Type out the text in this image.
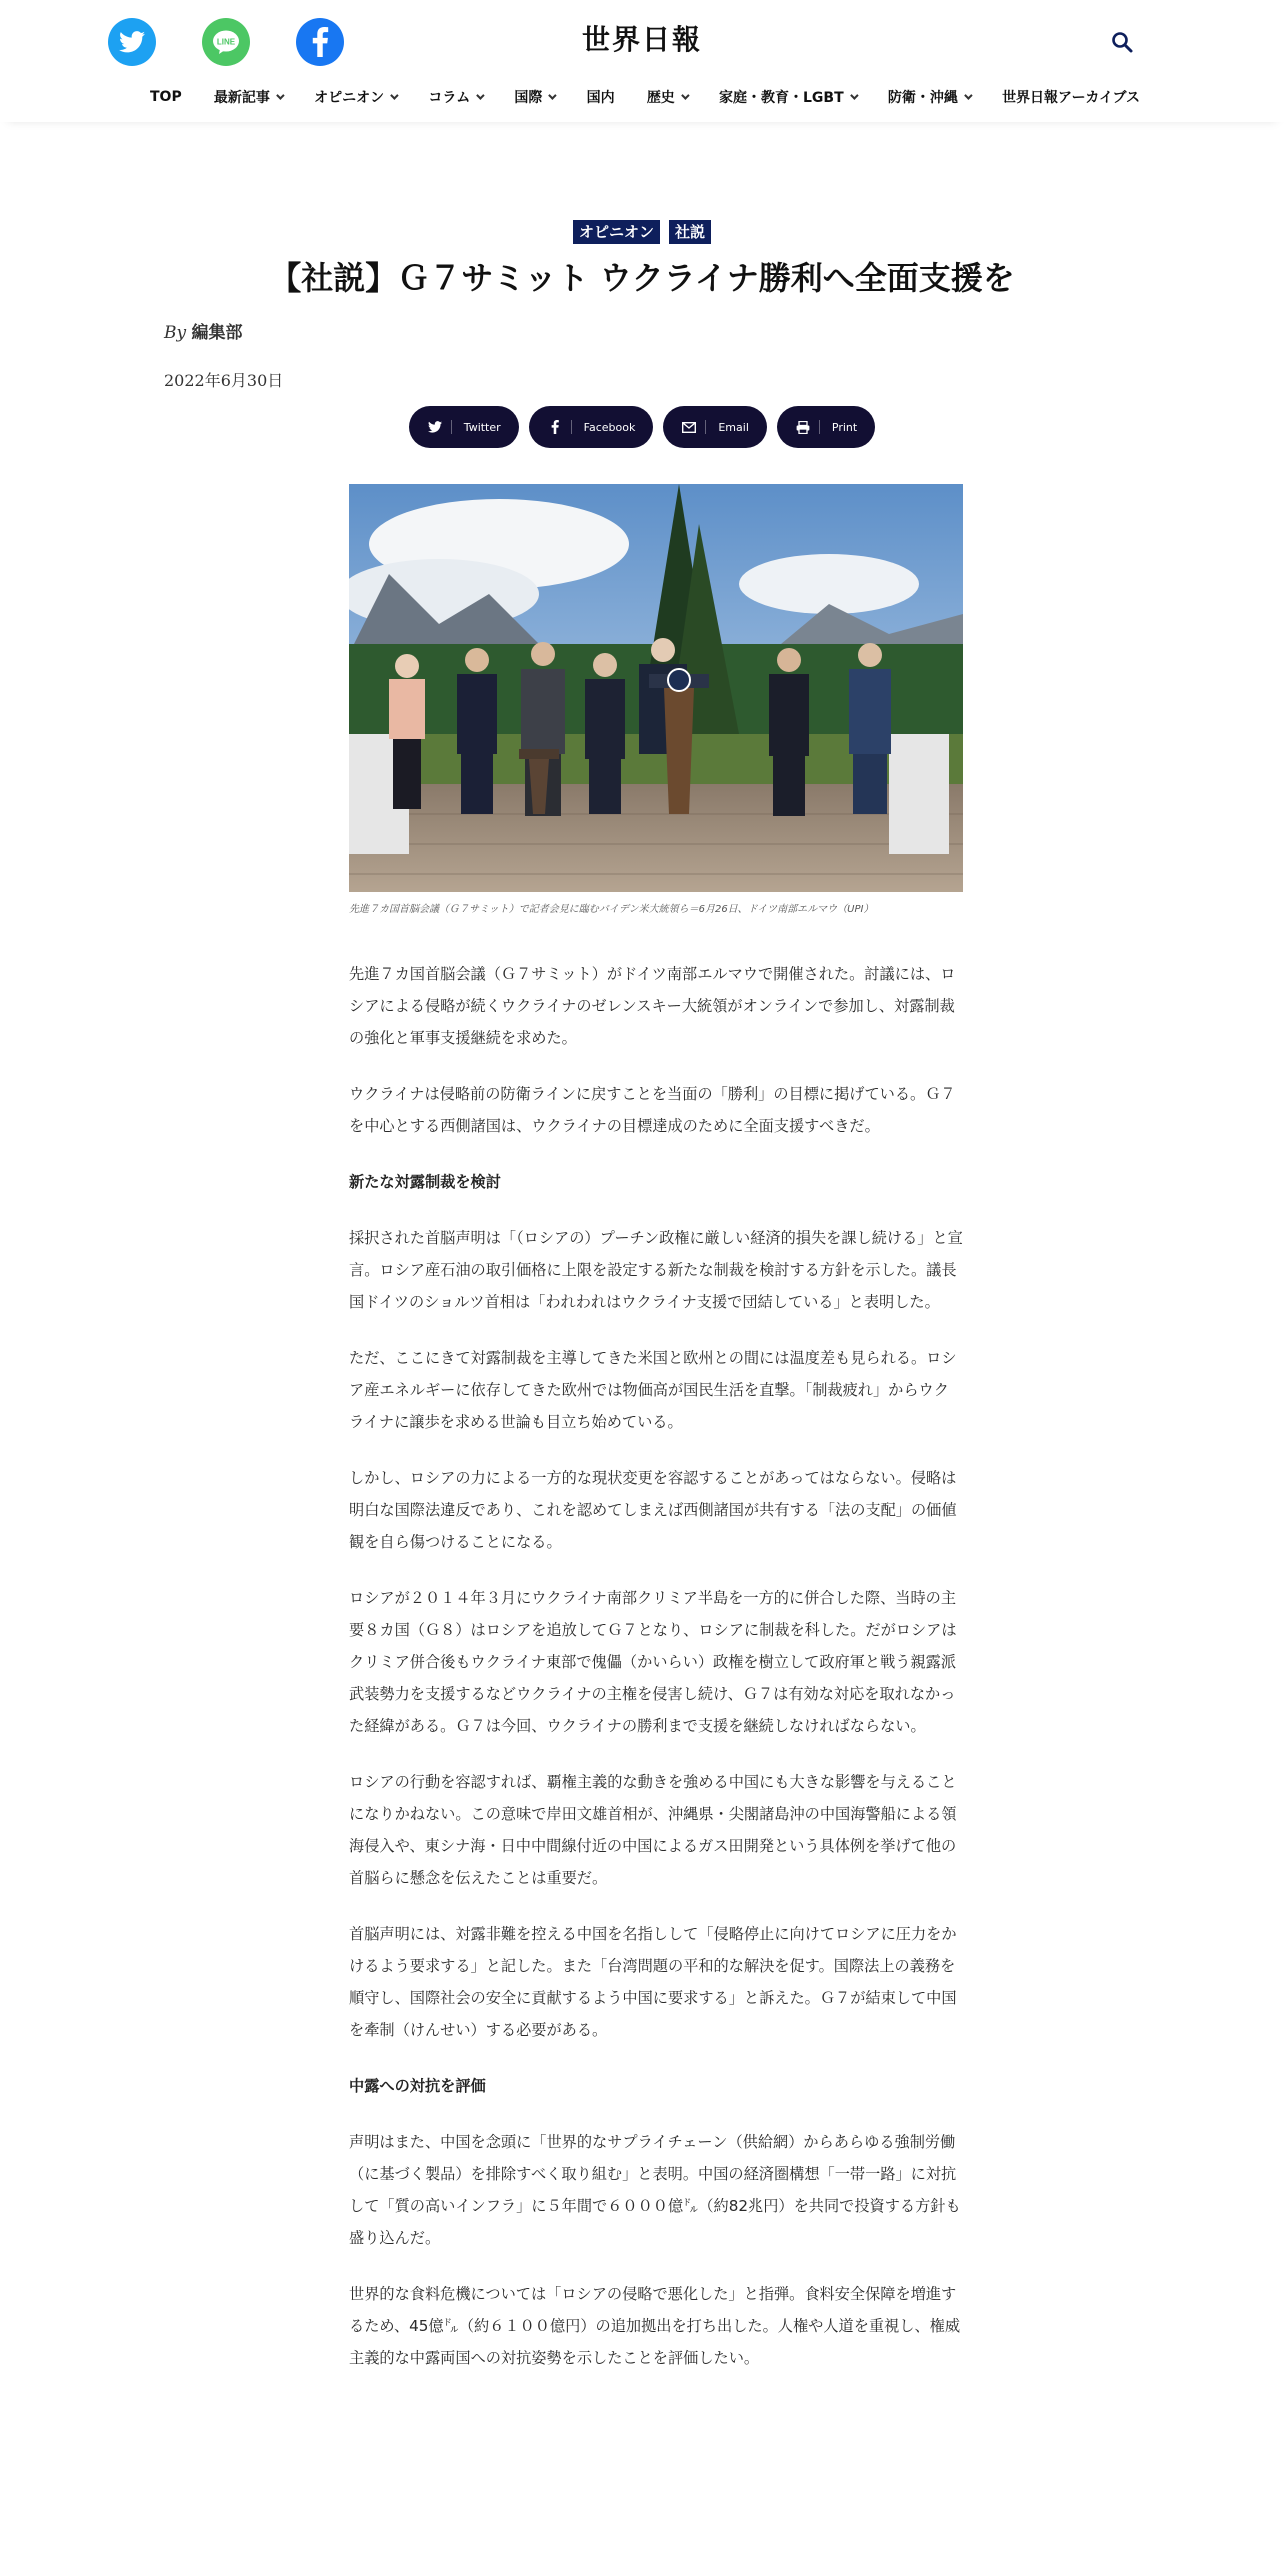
LINE	世界日報
TOP 最新記事	オピニオン	コラム	国際	国内 歴史	家庭・教育・LGBT	防衛・沖縄	世界日報アーカイブス
オピニオン 社説
【社説】Ｇ７サミット ウクライナ勝利へ全面支援を
By 編集部
2022年6月30日
Twitter	Facebook	Email	Print
先進７カ国首脳会議（Ｇ７サミット）で記者会見に臨むバイデン米大統領ら＝6月26日、ドイツ南部エルマウ（UPI）

先進７カ国首脳会議（Ｇ７サミット）がドイツ南部エルマウで開催された。討議には、ロシアによる侵略が続くウクライナのゼレンスキー大統領がオンラインで参加し、対露制裁の強化と軍事支援継続を求めた。

ウクライナは侵略前の防衛ラインに戻すことを当面の「勝利」の目標に掲げている。Ｇ７を中心とする西側諸国は、ウクライナの目標達成のために全面支援すべきだ。

新たな対露制裁を検討

採択された首脳声明は「（ロシアの）プーチン政権に厳しい経済的損失を課し続ける」と宣言。ロシア産石油の取引価格に上限を設定する新たな制裁を検討する方針を示した。議長国ドイツのショルツ首相は「われわれはウクライナ支援で団結している」と表明した。

ただ、ここにきて対露制裁を主導してきた米国と欧州との間には温度差も見られる。ロシア産エネルギーに依存してきた欧州では物価高が国民生活を直撃。「制裁疲れ」からウクライナに譲歩を求める世論も目立ち始めている。

しかし、ロシアの力による一方的な現状変更を容認することがあってはならない。侵略は明白な国際法違反であり、これを認めてしまえば西側諸国が共有する「法の支配」の価値観を自ら傷つけることになる。

ロシアが２０１４年３月にウクライナ南部クリミア半島を一方的に併合した際、当時の主要８カ国（Ｇ８）はロシアを追放してＧ７となり、ロシアに制裁を科した。だがロシアはクリミア併合後もウクライナ東部で傀儡（かいらい）政権を樹立して政府軍と戦う親露派武装勢力を支援するなどウクライナの主権を侵害し続け、Ｇ７は有効な対応を取れなかった経緯がある。Ｇ７は今回、ウクライナの勝利まで支援を継続しなければならない。

ロシアの行動を容認すれば、覇権主義的な動きを強める中国にも大きな影響を与えることになりかねない。この意味で岸田文雄首相が、沖縄県・尖閣諸島沖の中国海警船による領海侵入や、東シナ海・日中中間線付近の中国によるガス田開発という具体例を挙げて他の首脳らに懸念を伝えたことは重要だ。

首脳声明には、対露非難を控える中国を名指しして「侵略停止に向けてロシアに圧力をかけるよう要求する」と記した。また「台湾問題の平和的な解決を促す。国際法上の義務を順守し、国際社会の安全に貢献するよう中国に要求する」と訴えた。Ｇ７が結束して中国を牽制（けんせい）する必要がある。

中露への対抗を評価

声明はまた、中国を念頭に「世界的なサプライチェーン（供給網）からあらゆる強制労働（に基づく製品）を排除すべく取り組む」と表明。中国の経済圏構想「一帯一路」に対抗して「質の高いインフラ」に５年間で６０００億㌦（約82兆円）を共同で投資する方針も盛り込んだ。

世界的な食料危機については「ロシアの侵略で悪化した」と指弾。食料安全保障を増進するため、45億㌦（約６１００億円）の追加拠出を打ち出した。人権や人道を重視し、権威主義的な中露両国への対抗姿勢を示したことを評価したい。
